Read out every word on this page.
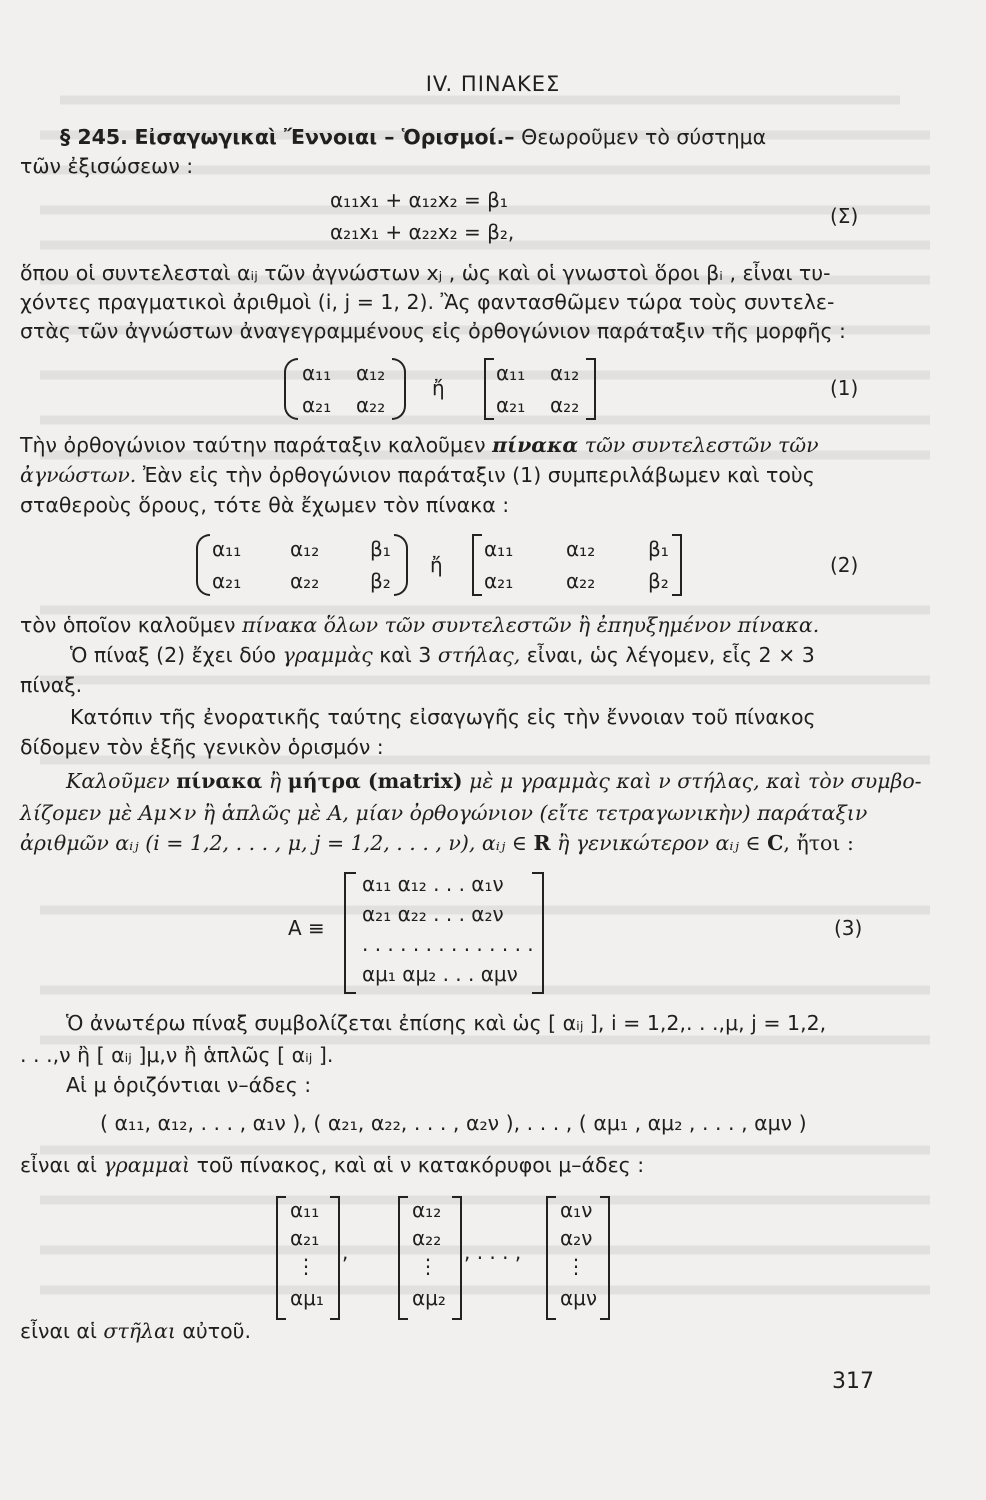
IV. ΠΙΝΑΚΕΣ
§ 245. Εἰσαγωγικαὶ Ἔννοιαι – Ὁρισμοί.– Θεωροῦμεν τὸ σύστημα
τῶν ἐξισώσεων :
α₁₁x₁ + α₁₂x₂ = β₁
α₂₁x₁ + α₂₂x₂ = β₂,
(Σ)
ὅπου οἱ συντελεσταὶ αᵢⱼ τῶν ἀγνώστων xⱼ , ὡς καὶ οἱ γνωστοὶ ὅροι βᵢ , εἶναι τυ-
χόντες πραγματικοὶ ἀριθμοὶ (i, j = 1, 2). Ἂς φαντασθῶμεν τώρα τοὺς συντελε-
στὰς τῶν ἀγνώστων ἀναγεγραμμένους εἰς ὀρθογώνιον παράταξιν τῆς μορφῆς :
α₁₁ α₁₂
α₂₁ α₂₂
ἤ
α₁₁ α₁₂
α₂₁ α₂₂
(1)
Τὴν ὀρθογώνιον ταύτην παράταξιν καλοῦμεν πίνακα τῶν συντελεστῶν τῶν
ἀγνώστων. Ἐὰν εἰς τὴν ὀρθογώνιον παράταξιν (1) συμπεριλάβωμεν καὶ τοὺς
σταθεροὺς ὅρους, τότε θὰ ἔχωμεν τὸν πίνακα :
α₁₁ α₁₂	β₁
α₂₁ α₂₂	β₂
ἤ
α₁₁	α₁₂	β₁
α₂₁	α₂₂	β₂
(2)
τὸν ὁποῖον καλοῦμεν πίνακα ὅλων τῶν συντελεστῶν ἢ ἐπηυξημένον πίνακα.
Ὁ πίναξ (2) ἔχει δύο γραμμὰς καὶ 3 στήλας, εἶναι, ὡς λέγομεν, εἷς 2 × 3
πίναξ.
Κατόπιν τῆς ἐνορατικῆς ταύτης εἰσαγωγῆς εἰς τὴν ἔννοιαν τοῦ πίνακος
δίδομεν τὸν ἑξῆς γενικὸν ὁρισμόν :
Καλοῦμεν πίνακα ἢ μήτρα (matrix) μὲ μ γραμμὰς καὶ ν στήλας, καὶ τὸν συμβο-
λίζομεν μὲ Aμ×ν ἢ ἁπλῶς μὲ A, μίαν ὀρθογώνιον (εἴτε τετραγωνικὴν) παράταξιν
ἀριθμῶν αᵢⱼ (i = 1,2, . . . , μ, j = 1,2, . . . , ν), αᵢⱼ ∈ R ἢ γενικώτερον αᵢⱼ ∈ C, ἤτοι :
A ≡
α₁₁ α₁₂ . . . α₁ν
α₂₁ α₂₂ . . . α₂ν
. . . . . . . . . . . . . .
αμ₁ αμ₂ . . . αμν
(3)
Ὁ ἀνωτέρω πίναξ συμβολίζεται ἐπίσης καὶ ὡς [ αᵢⱼ ], i = 1,2,. . .,μ, j = 1,2,
. . .,ν ἢ [ αᵢⱼ ]μ,ν ἢ ἁπλῶς [ αᵢⱼ ].
Αἱ μ ὁριζόντιαι ν–άδες :
( α₁₁, α₁₂, . . . , α₁ν ), ( α₂₁, α₂₂, . . . , α₂ν ), . . . , ( αμ₁ , αμ₂ , . . . , αμν )
εἶναι αἱ γραμμαὶ τοῦ πίνακος, καὶ αἱ ν κατακόρυφοι μ–άδες :
α₁₁
α₂₁
⋮
αμ₁
,
α₁₂
α₂₂
⋮
αμ₂
, . . . ,
α₁ν
α₂ν
⋮
αμν
εἶναι αἱ στῆλαι αὐτοῦ.
317
